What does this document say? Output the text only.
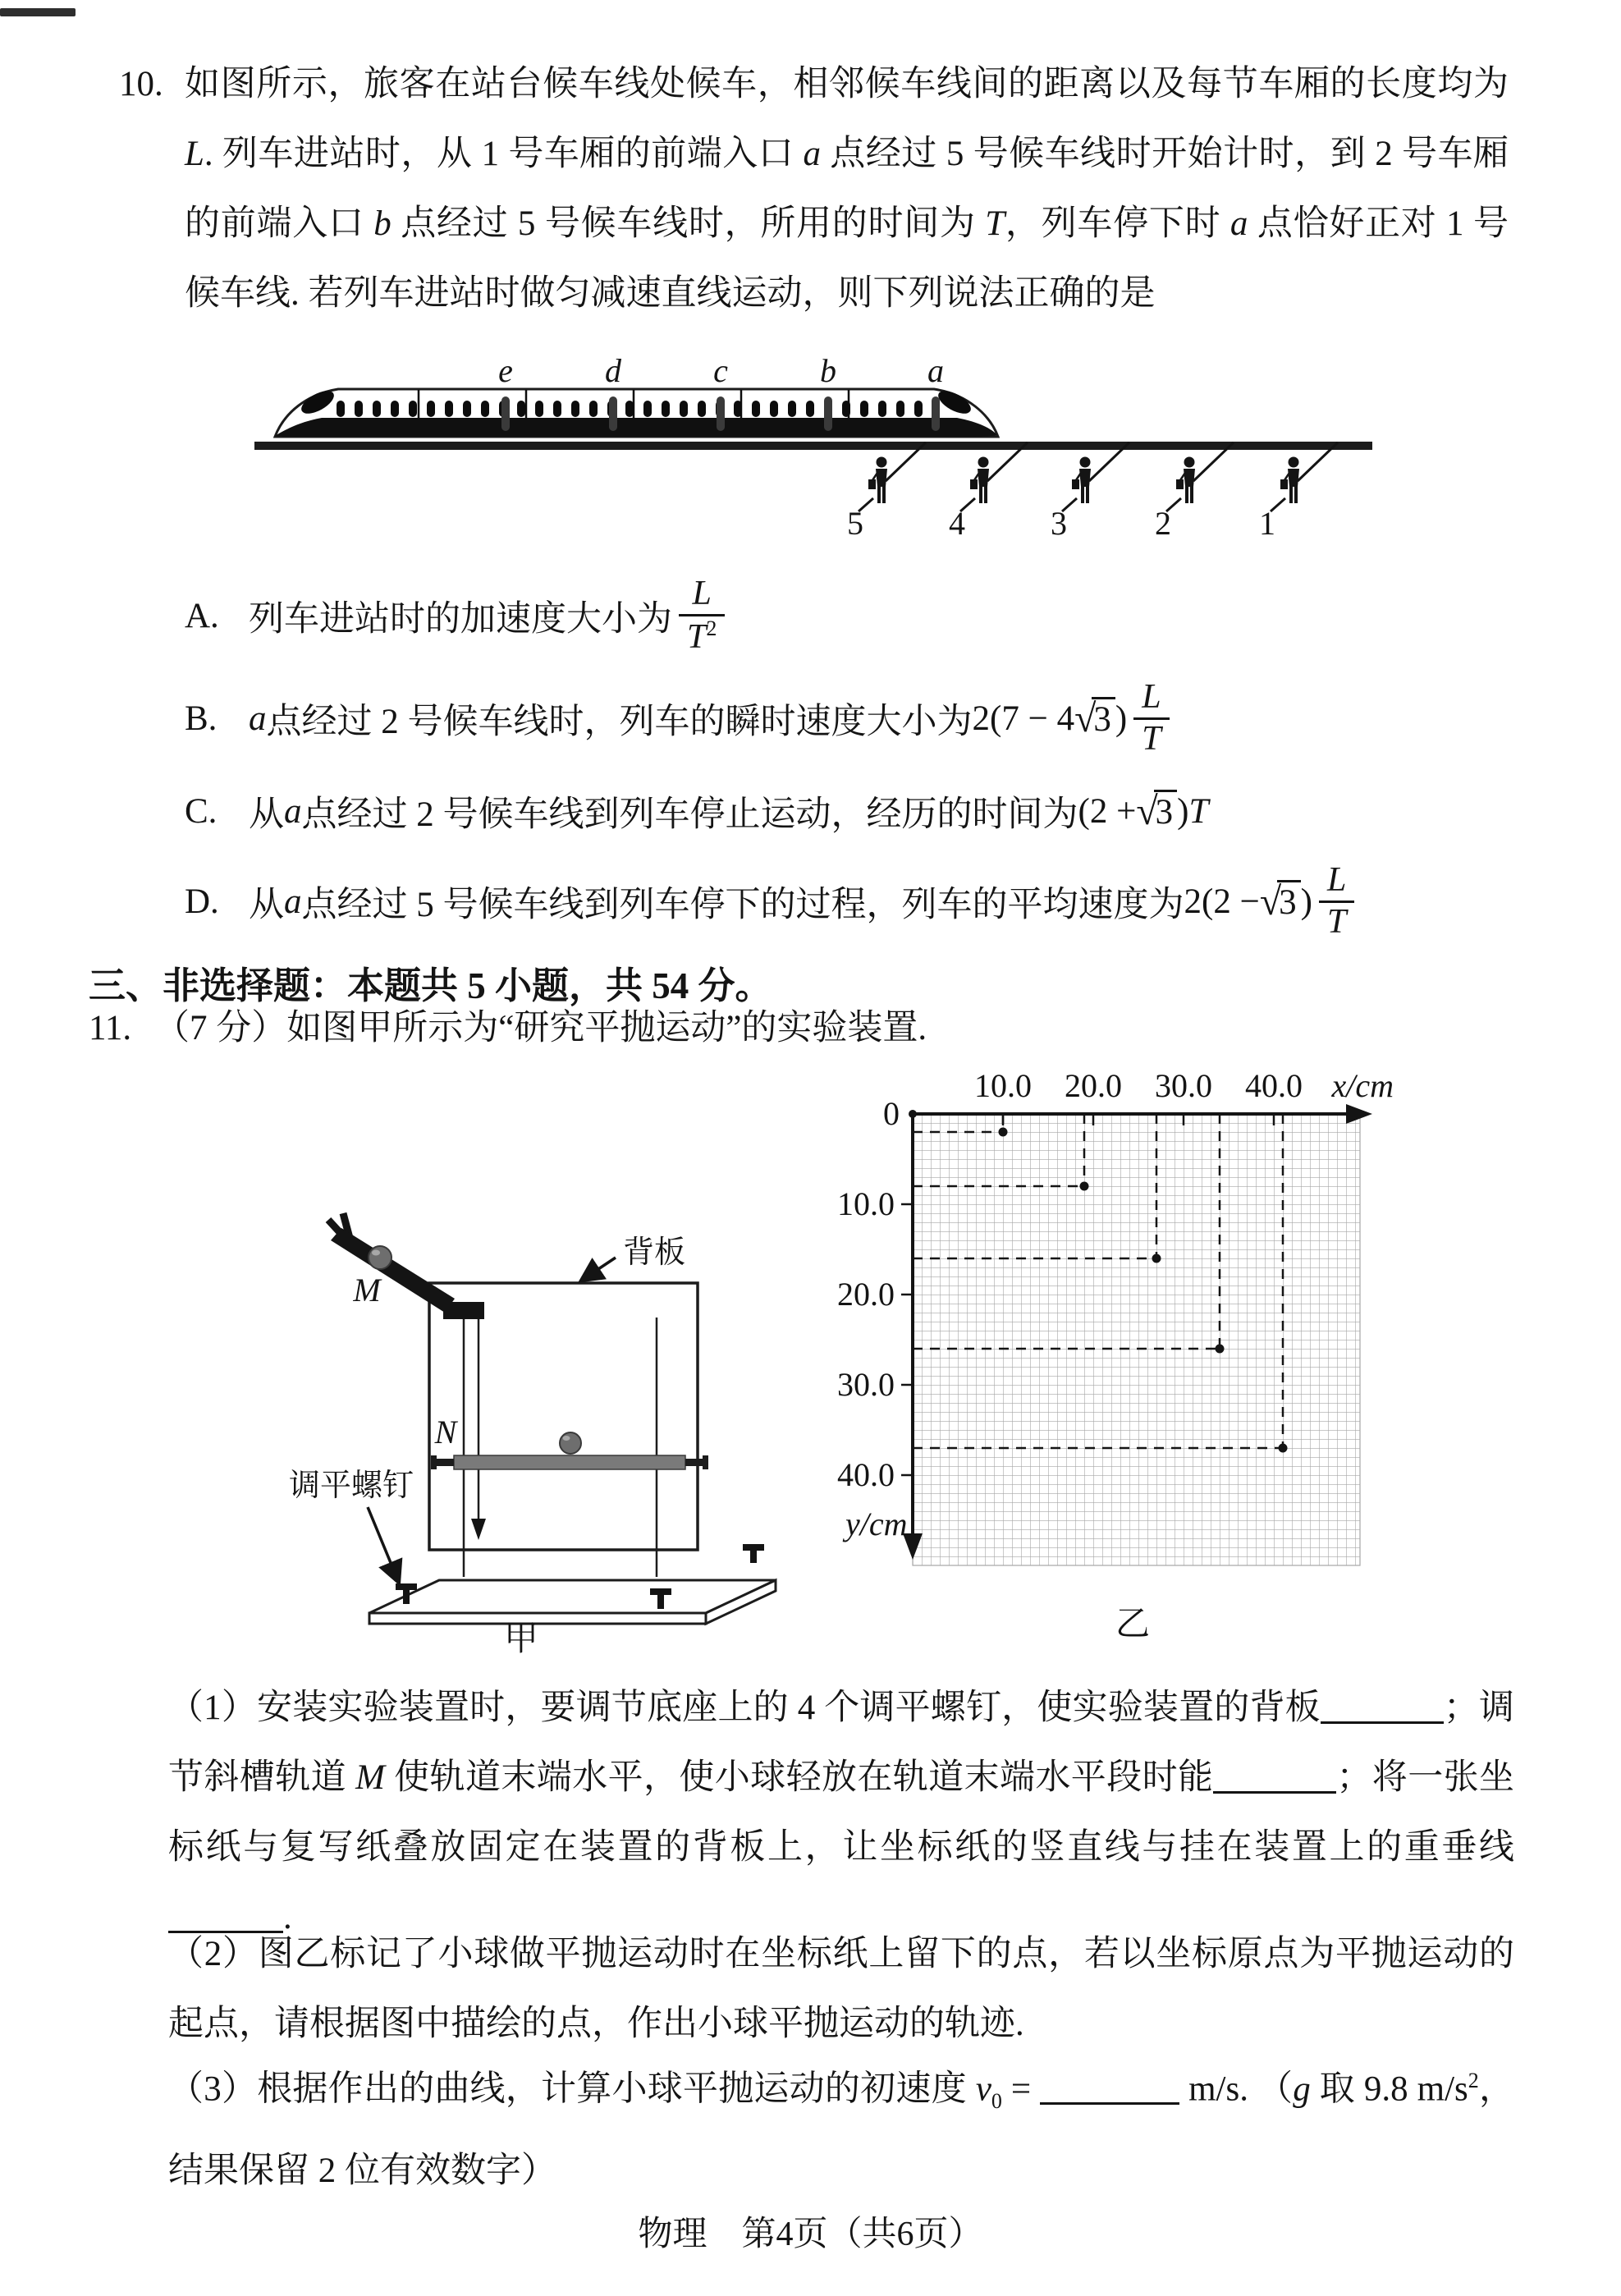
10. 如图所示，旅客在站台候车线处候车，相邻候车线间的距离以及每节车厢的长度均为 L. 列车进站时，从 1 号车厢的前端入口 a 点经过 5 号候车线时开始计时，到 2 号车厢的前端入口 b 点经过 5 号候车线时，所用的时间为 T，列车停下时 a 点恰好正对 1 号候车线. 若列车进站时做匀减速直线运动，则下列说法正确的是
e	d	c	b	a
5	4	3	2	1
A. 列车进站时的加速度大小为 $\frac{L}{T^2}$
B. a 点经过 2 号候车线时，列车的瞬时速度大小为 2(7 − 4 √
3 ) $\frac{L}{T}$
C. 从 a 点经过 2 号候车线到列车停止运动，经历的时间为 (2 + √
3 ) T
D. 从 a 点经过 5 号候车线到列车停下的过程，列车的平均速度为 2(2 − √
3 ) $\frac{L}{T}$
三、非选择题：本题共 5 小题，共 54 分。
11. （7 分）如图甲所示为“研究平抛运动”的实验装置.
M
N
背板
调平螺钉
甲
0
x/cm
y/cm
10.0 20.0 30.0 40.0
10.0
20.0
30.0
40.0
乙
（1）安装实验装置时，要调节底座上的 4 个调平螺钉，使实验装置的背板	；调节斜槽轨道 M 使轨道末端水平，使小球轻放在轨道末端水平段时能	；将一张坐标纸与复写纸叠放固定在装置的背板上，让坐标纸的竖直线与挂在装置上的重垂线.
（2）图乙标记了小球做平抛运动时在坐标纸上留下的点，若以坐标原点为平抛运动的起点，请根据图中描绘的点，作出小球平抛运动的轨迹.
（3）根据作出的曲线，计算小球平抛运动的初速度 $v_0$ =	m/s. （g 取 9.8 $m/s^2$，结果保留 2 位有效数字）
物理　第4页（共6页）
